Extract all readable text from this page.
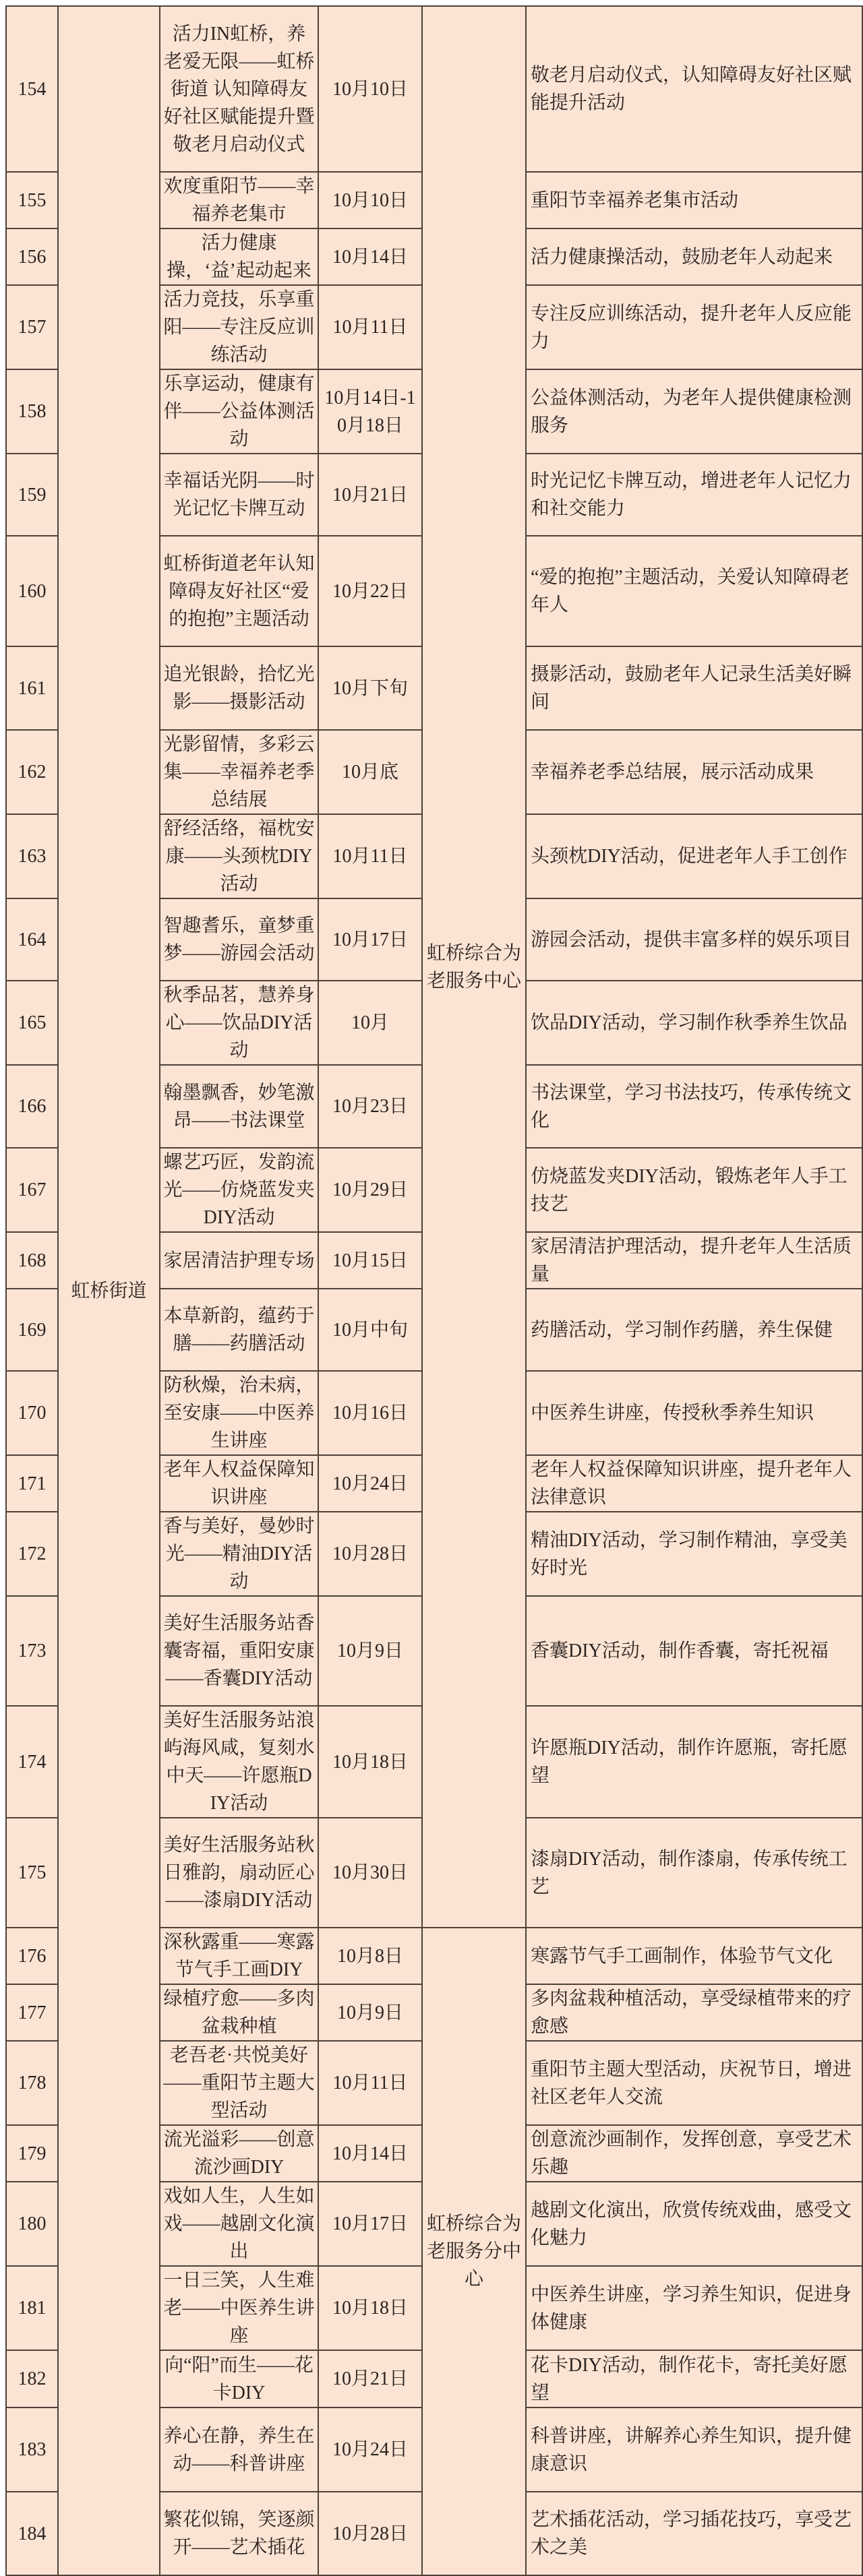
154	虹桥街道	活力IN虹桥，养老爱无限——虹桥街道 认知障碍友好社区赋能提升暨敬老月启动仪式	10月10日	虹桥综合为老服务中心	敬老月启动仪式，认知障碍友好社区赋能提升活动
155		欢度重阳节——幸福养老集市	10月10日		重阳节幸福养老集市活动
156		活力健康操，‘益’起动起来	10月14日		活力健康操活动，鼓励老年人动起来
157		活力竞技，乐享重阳——专注反应训练活动	10月11日		专注反应训练活动，提升老年人反应能力
158		乐享运动，健康有伴——公益体测活动	10月14日-10月18日		公益体测活动，为老年人提供健康检测服务
159		幸福话光阴——时光记忆卡牌互动	10月21日		时光记忆卡牌互动，增进老年人记忆力和社交能力
160		虹桥街道老年认知障碍友好社区“爱的抱抱”主题活动	10月22日		“爱的抱抱”主题活动，关爱认知障碍老年人
161		追光银龄，拾忆光影——摄影活动	10月下旬		摄影活动，鼓励老年人记录生活美好瞬间
162		光影留情，多彩云集——幸福养老季总结展	10月底		幸福养老季总结展，展示活动成果
163		舒经活络，福枕安康——头颈枕DIY活动	10月11日		头颈枕DIY活动，促进老年人手工创作
164		智趣耆乐，童梦重梦——游园会活动	10月17日		游园会活动，提供丰富多样的娱乐项目
165		秋季品茗，慧养身心——饮品DIY活动	10月		饮品DIY活动，学习制作秋季养生饮品
166		翰墨飘香，妙笔激昂——书法课堂	10月23日		书法课堂，学习书法技巧，传承传统文化
167		螺艺巧匠，发韵流光——仿烧蓝发夹DIY活动	10月29日		仿烧蓝发夹DIY活动，锻炼老年人手工技艺
168		家居清洁护理专场	10月15日		家居清洁护理活动，提升老年人生活质量
169		本草新韵，蕴药于膳——药膳活动	10月中旬		药膳活动，学习制作药膳，养生保健
170		防秋燥，治未病，至安康——中医养生讲座	10月16日		中医养生讲座，传授秋季养生知识
171		老年人权益保障知识讲座	10月24日		老年人权益保障知识讲座，提升老年人法律意识
172		香与美好，曼妙时光——精油DIY活动	10月28日		精油DIY活动，学习制作精油，享受美好时光
173		美好生活服务站香囊寄福，重阳安康——香囊DIY活动	10月9日		香囊DIY活动，制作香囊，寄托祝福
174		美好生活服务站浪屿海风咸，复刻水中天——许愿瓶DIY活动	10月18日		许愿瓶DIY活动，制作许愿瓶，寄托愿望
175		美好生活服务站秋日雅韵，扇动匠心——漆扇DIY活动	10月30日		漆扇DIY活动，制作漆扇，传承传统工艺
176		深秋露重——寒露节气手工画DIY	10月8日	虹桥综合为老服务分中心	寒露节气手工画制作，体验节气文化
177		绿植疗愈——多肉盆栽种植	10月9日		多肉盆栽种植活动，享受绿植带来的疗愈感
178		老吾老·共悦美好——重阳节主题大型活动	10月11日		重阳节主题大型活动，庆祝节日，增进社区老年人交流
179		流光溢彩——创意流沙画DIY	10月14日		创意流沙画制作，发挥创意，享受艺术乐趣
180		戏如人生，人生如戏——越剧文化演出	10月17日		越剧文化演出，欣赏传统戏曲，感受文化魅力
181		一日三笑，人生难老——中医养生讲座	10月18日		中医养生讲座，学习养生知识，促进身体健康
182		向“阳”而生——花卡DIY	10月21日		花卡DIY活动，制作花卡，寄托美好愿望
183		养心在静，养生在动——科普讲座	10月24日		科普讲座，讲解养心养生知识，提升健康意识
184		繁花似锦，笑逐颜开——艺术插花	10月28日		艺术插花活动，学习插花技巧，享受艺术之美
